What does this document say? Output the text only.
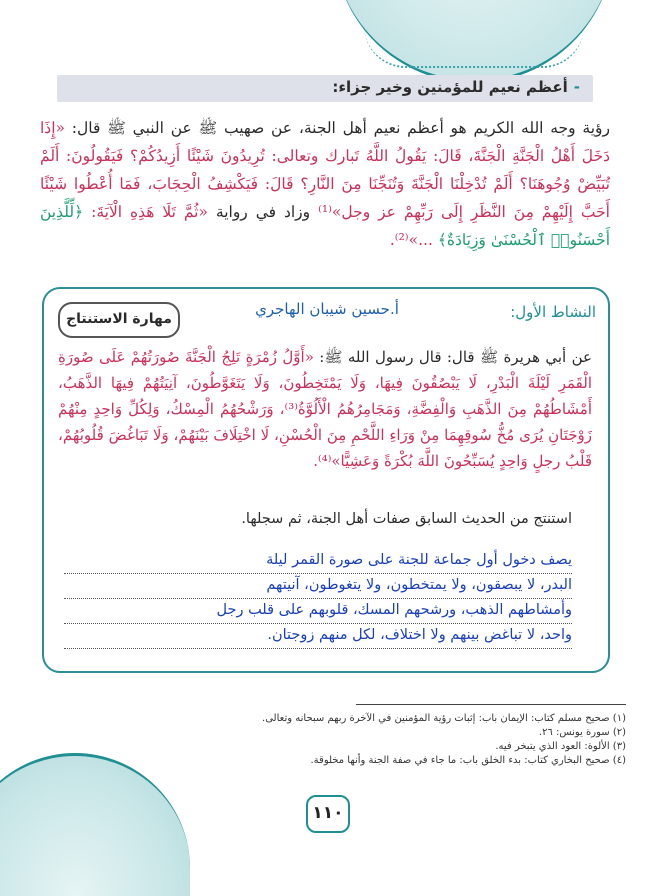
-أعظم نعيم للمؤمنين وخير جزاء:
رؤية وجه الله الكريم هو أعظم نعيم أهل الجنة، عن صهيب ﷺ عن النبي ﷺ قال: «إِذَا دَخَلَ أَهْلُ الْجَنَّةِ الْجَنَّةَ، قَالَ: يَقُولُ اللَّهُ تَبارك وتعالى: تُرِيدُونَ شَيْئًا أَزِيدُكُمْ؟ فَيَقُولُونَ: أَلَمْ تُبَيِّضْ وُجُوهَنَا؟ أَلَمْ تُدْخِلْنَا الْجَنَّةَ وَتُنَجِّنَا مِنَ النَّارِ؟ قَالَ: فَيَكْشِفُ الْحِجَابَ، فَمَا أُعْطُوا شَيْئًا أَحَبَّ إِلَيْهِمْ مِنَ النَّظَرِ إِلَى رَبِّهِمْ عز وجل»⁽¹⁾ وزاد في رواية «ثُمَّ تَلَا هَذِهِ الْآيَةَ: ﴿لِّلَّذِينَ أَحْسَنُوا۟ ٱلْحُسْنَىٰ وَزِيَادَةٌ﴾ ...»⁽²⁾.
النشاط الأول:
أ.حسين شيبان الهاجري
مهارة الاستنتاج
عن أبي هريرة ﷺ قال: قال رسول الله ﷺ: «أَوَّلُ زُمْرَةٍ تَلِجُ الْجَنَّةَ صُورَتُهُمْ عَلَى صُورَةِ الْقَمَرِ لَيْلَةَ الْبَدْرِ، لَا يَبْصُقُونَ فِيهَا، وَلَا يَمْتَخِطُونَ، وَلَا يَتَغَوَّطُونَ، آنِيَتُهُمْ فِيهَا الذَّهَبُ، أَمْشَاطُهُمْ مِنَ الذَّهَبِ وَالْفِضَّةِ، وَمَجَامِرُهُمُ الْأَلُوَّةُ⁽³⁾، وَرَشْحُهُمُ الْمِسْكُ، وَلِكُلِّ وَاحِدٍ مِنْهُمْ زَوْجَتَانِ يُرَى مُخُّ سُوقِهِمَا مِنْ وَرَاءِ اللَّحْمِ مِنَ الْحُسْنِ، لَا اخْتِلَافَ بَيْنَهُمْ، وَلَا تَبَاغُضَ قُلُوبُهُمْ، قَلْبُ رجلٍ وَاحِدٍ يُسَبِّحُونَ اللَّهَ بُكْرَةً وَعَشِيًّا»⁽⁴⁾.
استنتج من الحديث السابق صفات أهل الجنة، ثم سجلها.
يصف دخول أول جماعة للجنة على صورة القمر ليلة
البدر، لا يبصقون، ولا يمتخطون، ولا يتغوطون، آنيتهم
وأمشاطهم الذهب، ورشحهم المسك، قلوبهم على قلب رجل
واحد، لا تباغض بينهم ولا اختلاف، لكل منهم زوجتان.
(١) صحيح مسلم كتاب: الإيمان باب: إثبات رؤية المؤمنين في الآخرة ربهم سبحانه وتعالى.
(٢) سورة يونس: ٢٦.
(٣) الألوة: العود الذي يتبخر فيه.
(٤) صحيح البخاري كتاب: بدء الخلق باب: ما جاء في صفة الجنة وأنها مخلوقة.
١١٠
